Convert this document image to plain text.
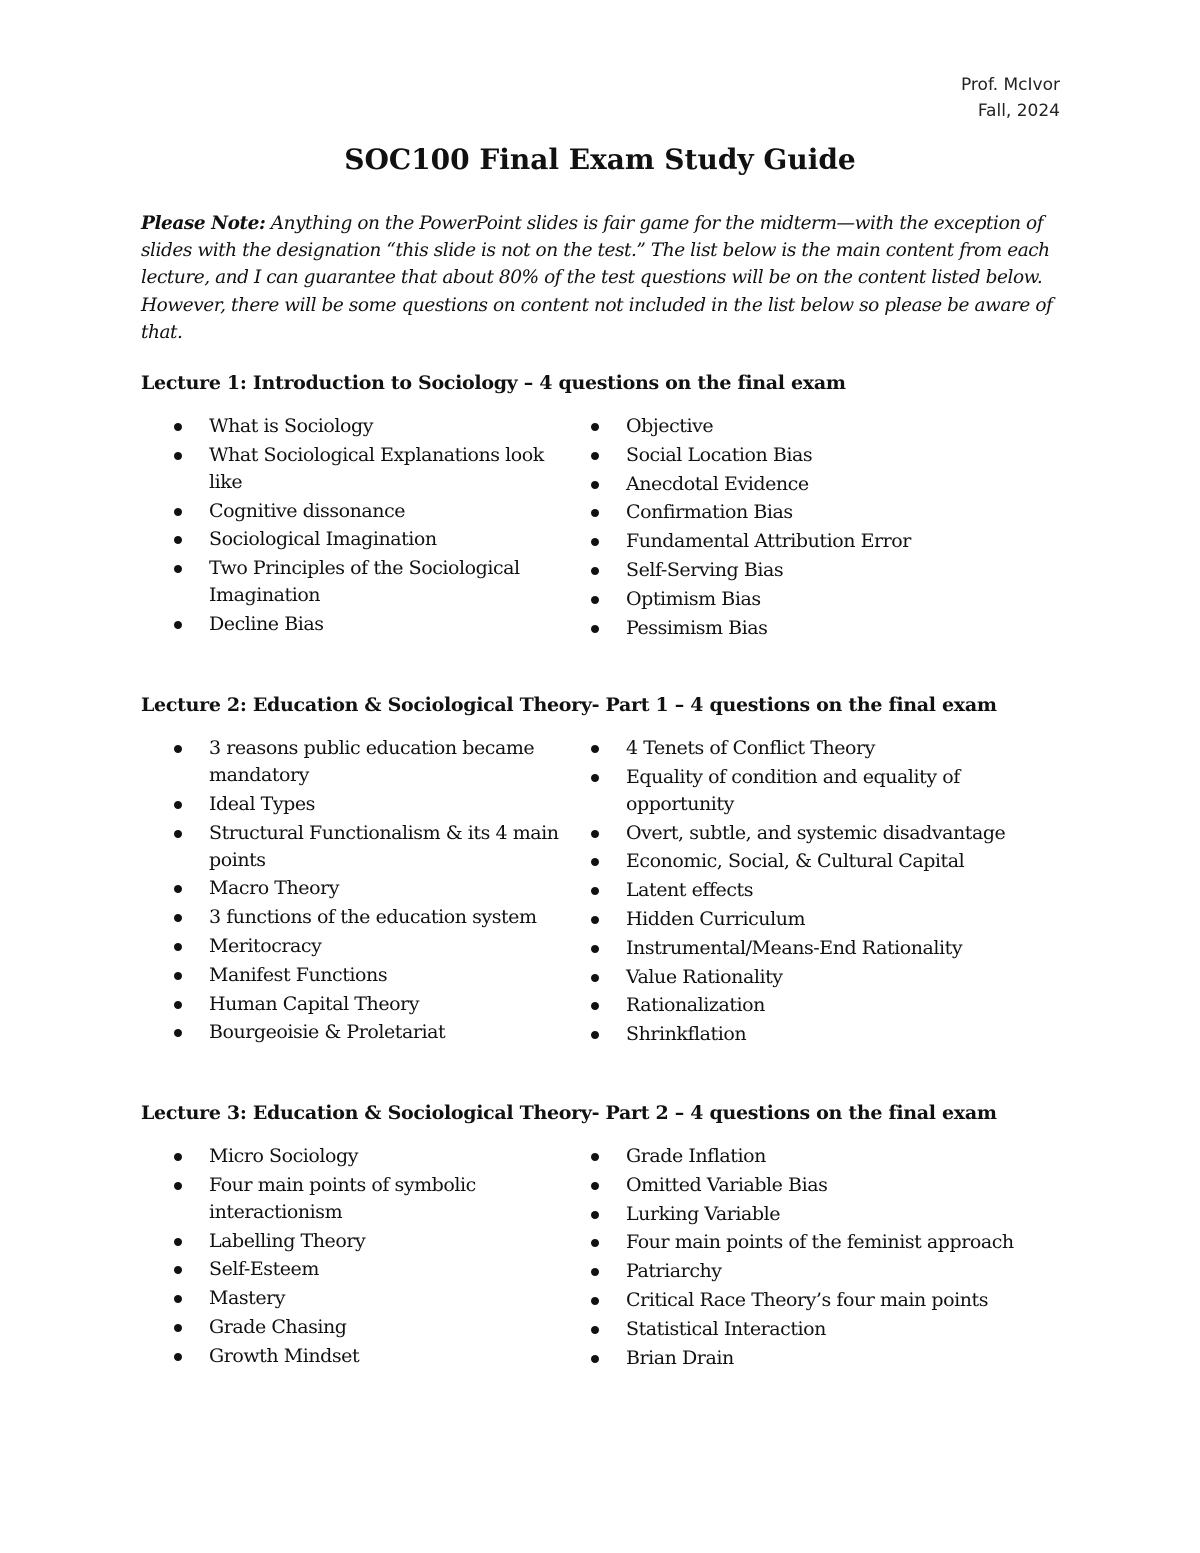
Prof. McIvor
Fall, 2024
SOC100 Final Exam Study Guide

Please Note: Anything on the PowerPoint slides is fair game for the midterm—with the exception of slides with the designation “this slide is not on the test.” The list below is the main content from each lecture, and I can guarantee that about 80% of the test questions will be on the content listed below. However, there will be some questions on content not included in the list below so please be aware of that.

Lecture 1: Introduction to Sociology – 4 questions on the final exam
What is Sociology
What Sociological Explanations look like
Cognitive dissonance
Sociological Imagination
Two Principles of the Sociological Imagination
Decline Bias
Objective
Social Location Bias
Anecdotal Evidence
Confirmation Bias
Fundamental Attribution Error
Self-Serving Bias
Optimism Bias
Pessimism Bias
Lecture 2: Education & Sociological Theory- Part 1 – 4 questions on the final exam
3 reasons public education became mandatory
Ideal Types
Structural Functionalism & its 4 main points
Macro Theory
3 functions of the education system
Meritocracy
Manifest Functions
Human Capital Theory
Bourgeoisie & Proletariat
4 Tenets of Conflict Theory
Equality of condition and equality of opportunity
Overt, subtle, and systemic disadvantage
Economic, Social, & Cultural Capital
Latent effects
Hidden Curriculum
Instrumental/Means-End Rationality
Value Rationality
Rationalization
Shrinkflation
Lecture 3: Education & Sociological Theory- Part 2 – 4 questions on the final exam
Micro Sociology
Four main points of symbolic interactionism
Labelling Theory
Self-Esteem
Mastery
Grade Chasing
Growth Mindset
Grade Inflation
Omitted Variable Bias
Lurking Variable
Four main points of the feminist approach
Patriarchy
Critical Race Theory’s four main points
Statistical Interaction
Brian Drain
